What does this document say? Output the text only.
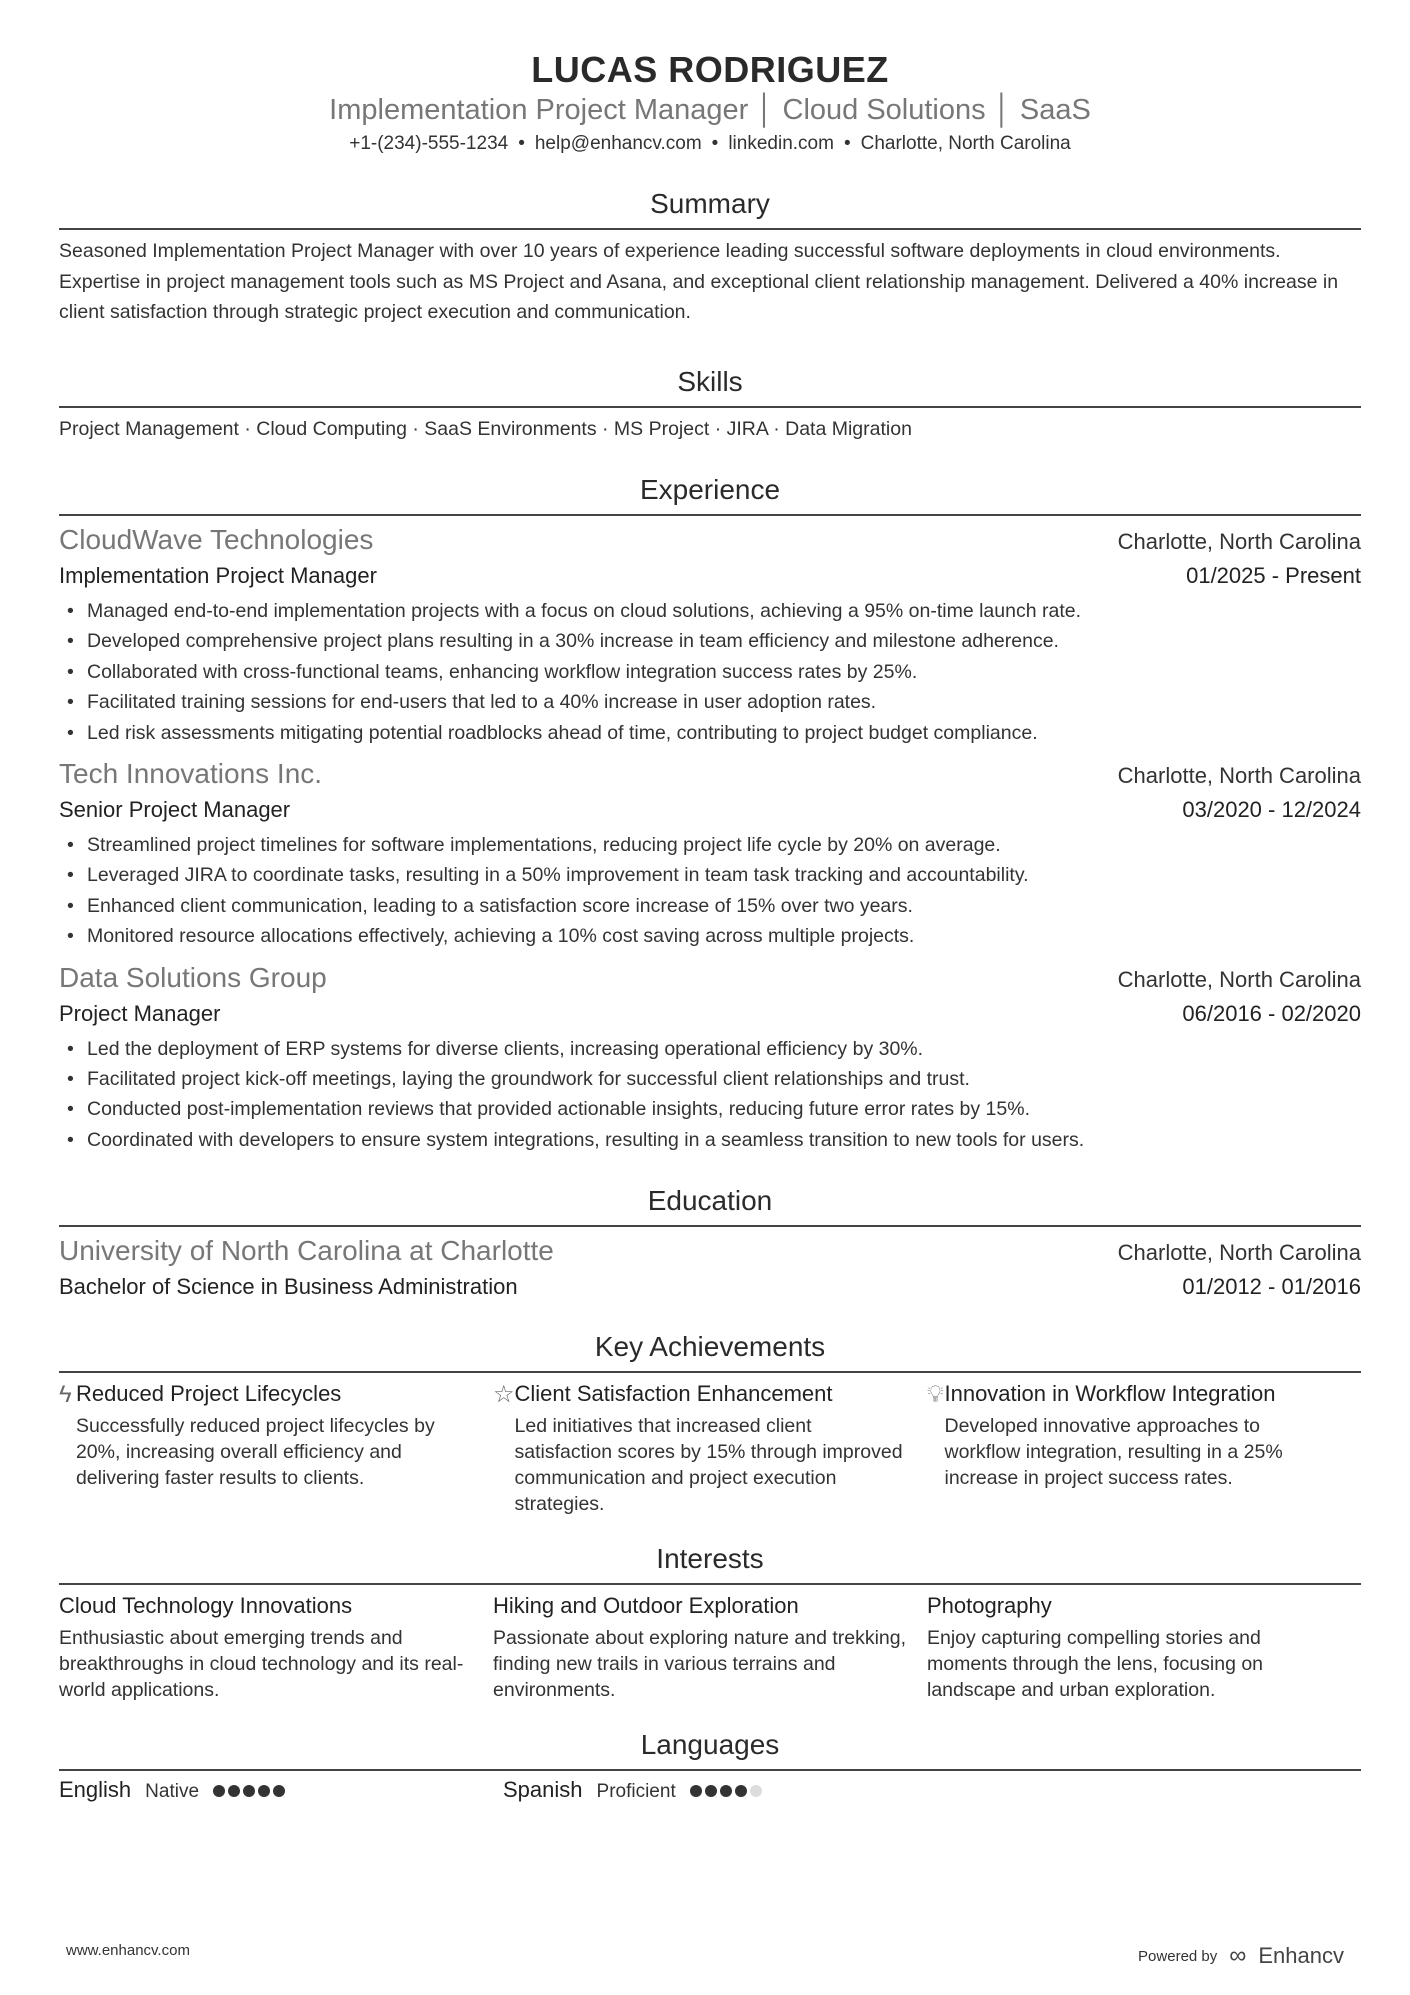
LUCAS RODRIGUEZ
Implementation Project Manager │ Cloud Solutions │ SaaS
+1-(234)-555-1234 • help@enhancv.com • linkedin.com • Charlotte, North Carolina
Summary
Seasoned Implementation Project Manager with over 10 years of experience leading successful software deployments in cloud environments. Expertise in project management tools such as MS Project and Asana, and exceptional client relationship management. Delivered a 40% increase in client satisfaction through strategic project execution and communication.
Skills
Project Management · Cloud Computing · SaaS Environments · MS Project · JIRA · Data Migration
Experience
CloudWave Technologies	Charlotte, North Carolina
Implementation Project Manager	01/2025 - Present
• Managed end-to-end implementation projects with a focus on cloud solutions, achieving a 95% on-time launch rate.
• Developed comprehensive project plans resulting in a 30% increase in team efficiency and milestone adherence.
• Collaborated with cross-functional teams, enhancing workflow integration success rates by 25%.
• Facilitated training sessions for end-users that led to a 40% increase in user adoption rates.
• Led risk assessments mitigating potential roadblocks ahead of time, contributing to project budget compliance.
Tech Innovations Inc.	Charlotte, North Carolina
Senior Project Manager	03/2020 - 12/2024
• Streamlined project timelines for software implementations, reducing project life cycle by 20% on average.
• Leveraged JIRA to coordinate tasks, resulting in a 50% improvement in team task tracking and accountability.
• Enhanced client communication, leading to a satisfaction score increase of 15% over two years.
• Monitored resource allocations effectively, achieving a 10% cost saving across multiple projects.
Data Solutions Group	Charlotte, North Carolina
Project Manager	06/2016 - 02/2020
• Led the deployment of ERP systems for diverse clients, increasing operational efficiency by 30%.
• Facilitated project kick-off meetings, laying the groundwork for successful client relationships and trust.
• Conducted post-implementation reviews that provided actionable insights, reducing future error rates by 15%.
• Coordinated with developers to ensure system integrations, resulting in a seamless transition to new tools for users.
Education
University of North Carolina at Charlotte	Charlotte, North Carolina
Bachelor of Science in Business Administration	01/2012 - 01/2016
Key Achievements
ϟ Reduced Project Lifecycles
Successfully reduced project lifecycles by 20%, increasing overall efficiency and delivering faster results to clients.
☆ Client Satisfaction Enhancement
Led initiatives that increased client satisfaction scores by 15% through improved communication and project execution strategies.
💡︎ Innovation in Workflow Integration
Developed innovative approaches to workflow integration, resulting in a 25% increase in project success rates.
Interests
Cloud Technology Innovations
Enthusiastic about emerging trends and breakthroughs in cloud technology and its real-world applications.
Hiking and Outdoor Exploration
Passionate about exploring nature and trekking, finding new trails in various terrains and environments.
Photography
Enjoy capturing compelling stories and moments through the lens, focusing on landscape and urban exploration.
Languages
English Native	Spanish Proficient
www.enhancv.com	Powered by ∞ Enhancv
